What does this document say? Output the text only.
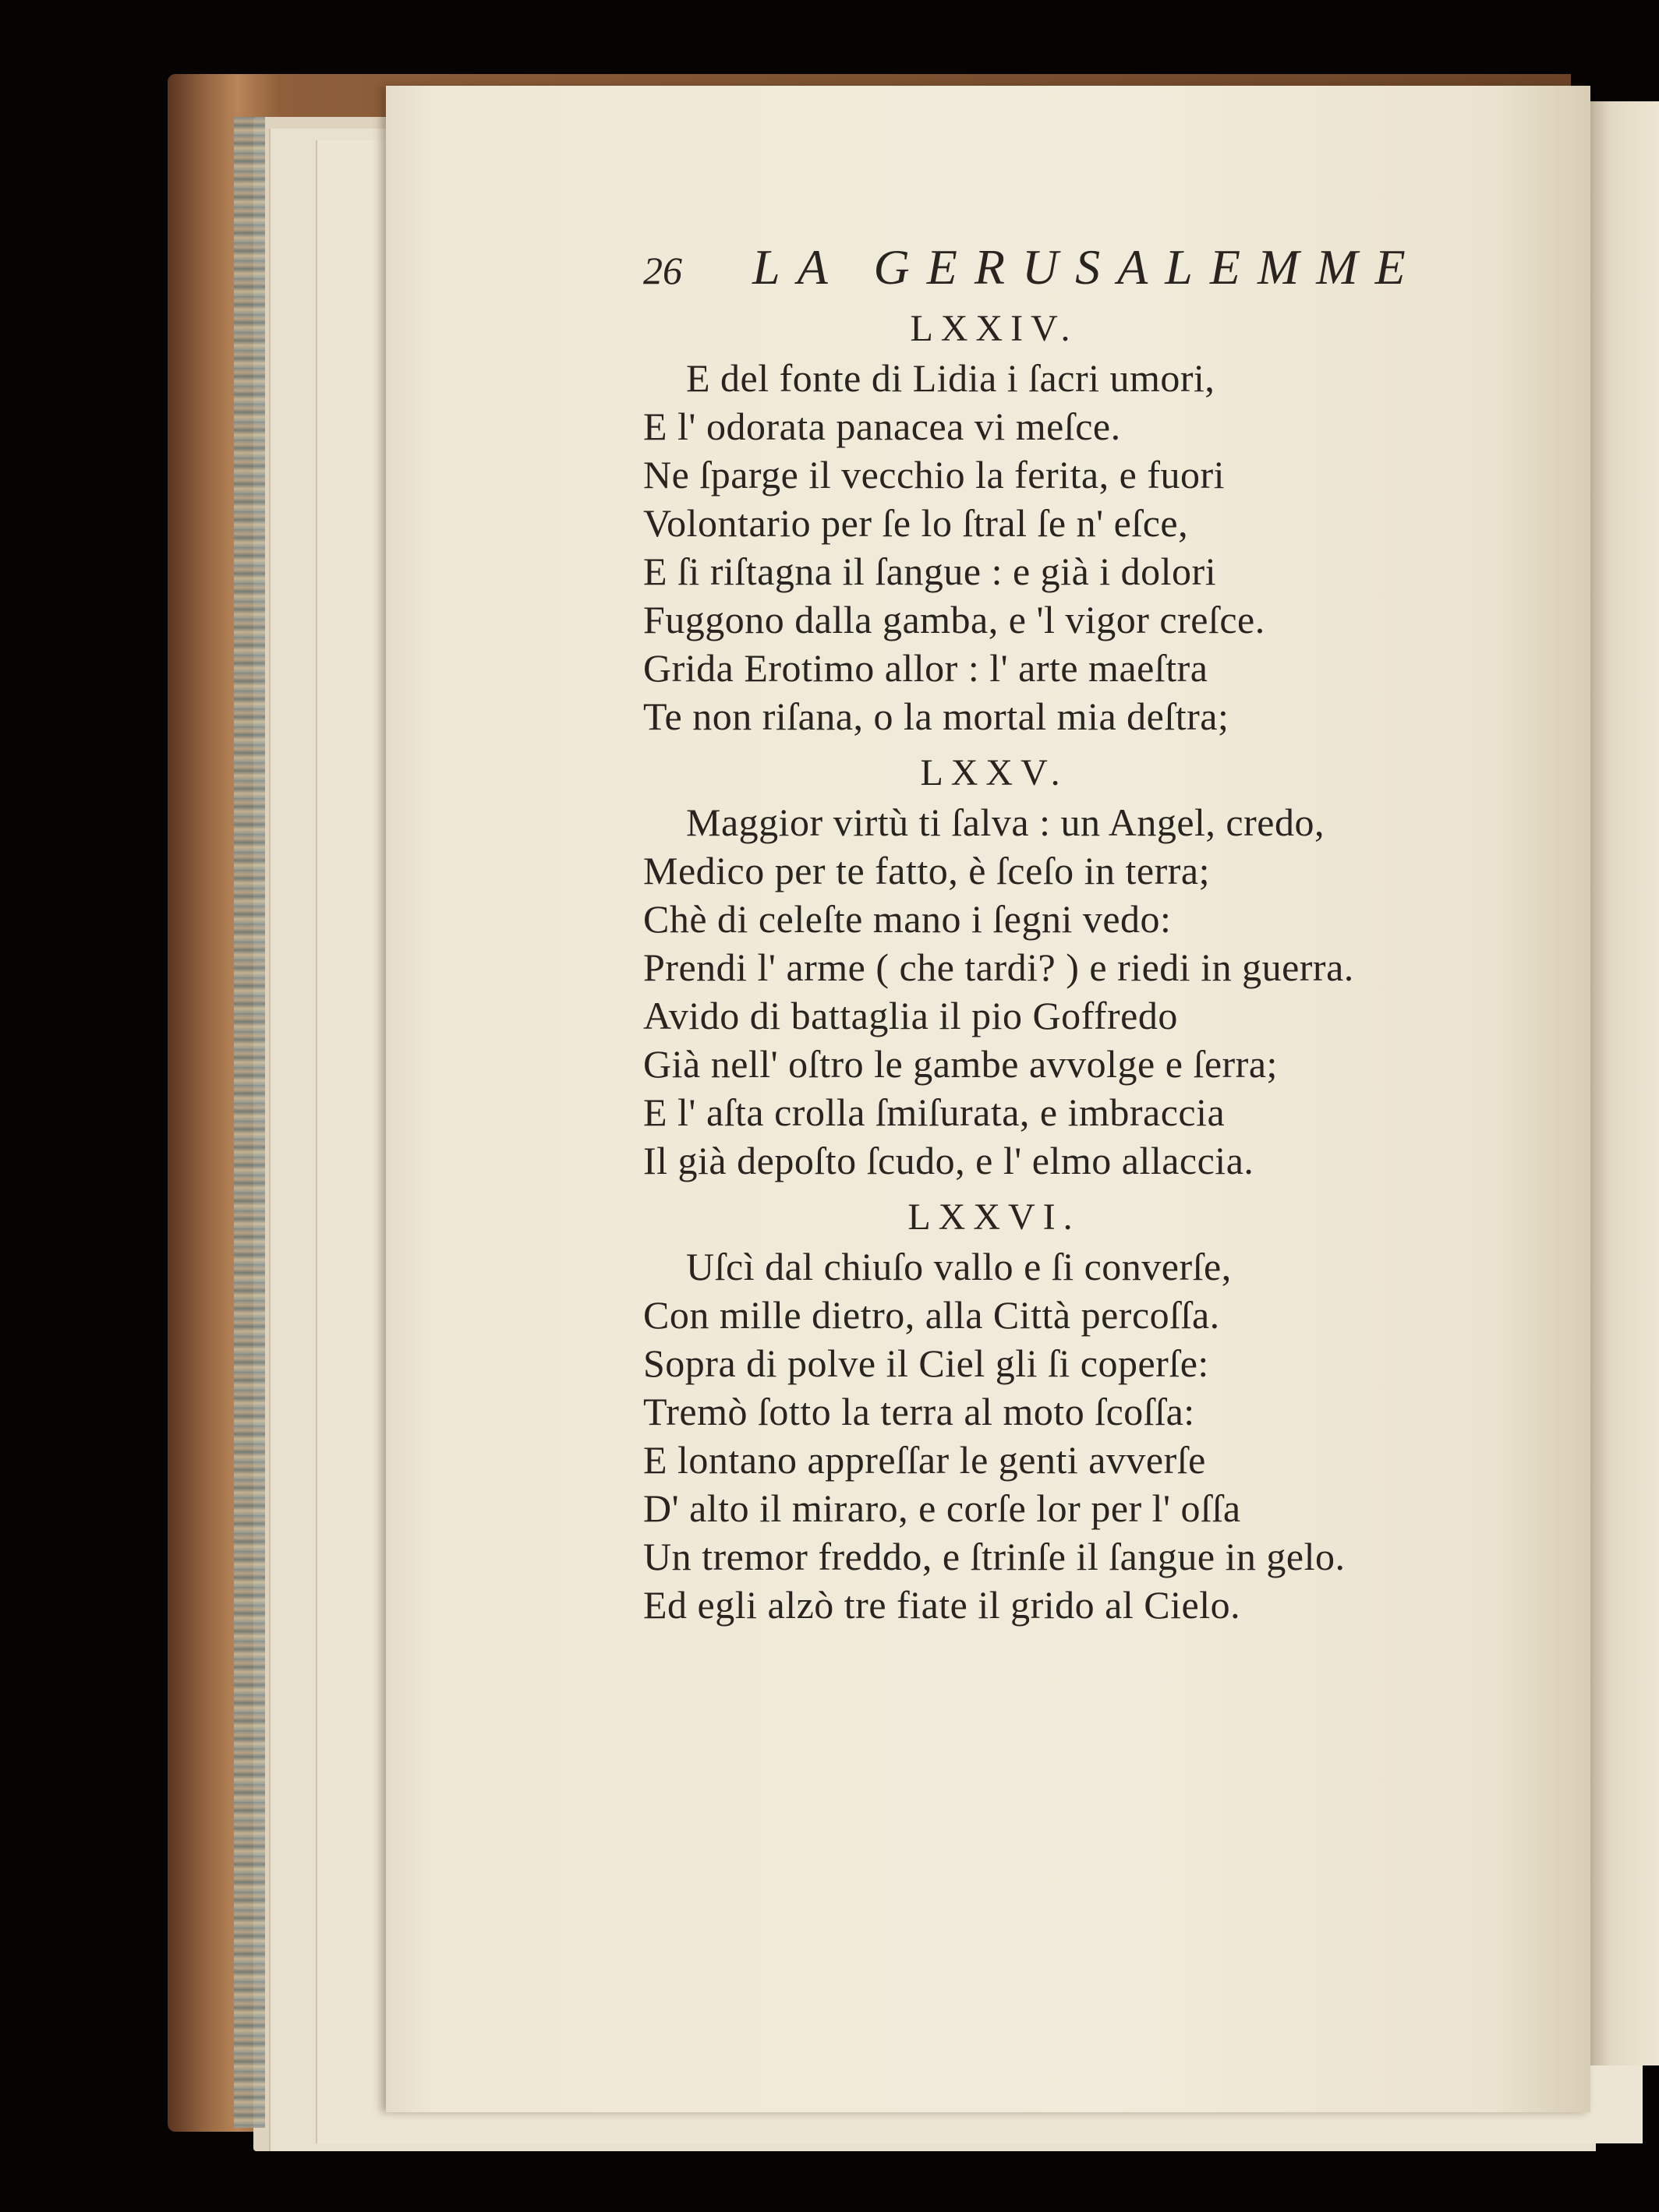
26 LA GERUSALEMME
LXXIV.
E del fonte di Lidia i ſacri umori,
E l' odorata panacea vi meſce.
Ne ſparge il vecchio la ferita, e fuori
Volontario per ſe lo ſtral ſe n' eſce,
E ſi riſtagna il ſangue : e già i dolori
Fuggono dalla gamba, e 'l vigor creſce.
Grida Erotimo allor : l' arte maeſtra
Te non riſana, o la mortal mia deſtra;
LXXV.
Maggior virtù ti ſalva : un Angel, credo,
Medico per te fatto, è ſceſo in terra;
Chè di celeſte mano i ſegni vedo:
Prendi l' arme ( che tardi? ) e riedi in guerra.
Avido di battaglia il pio Goffredo
Già nell' oſtro le gambe avvolge e ſerra;
E l' aſta crolla ſmiſurata, e imbraccia
Il già depoſto ſcudo, e l' elmo allaccia.
LXXVI.
Uſcì dal chiuſo vallo e ſi converſe,
Con mille dietro, alla Città percoſſa.
Sopra di polve il Ciel gli ſi coperſe:
Tremò ſotto la terra al moto ſcoſſa:
E lontano appreſſar le genti avverſe
D' alto il miraro, e corſe lor per l' oſſa
Un tremor freddo, e ſtrinſe il ſangue in gelo.
Ed egli alzò tre fiate il grido al Cielo.
